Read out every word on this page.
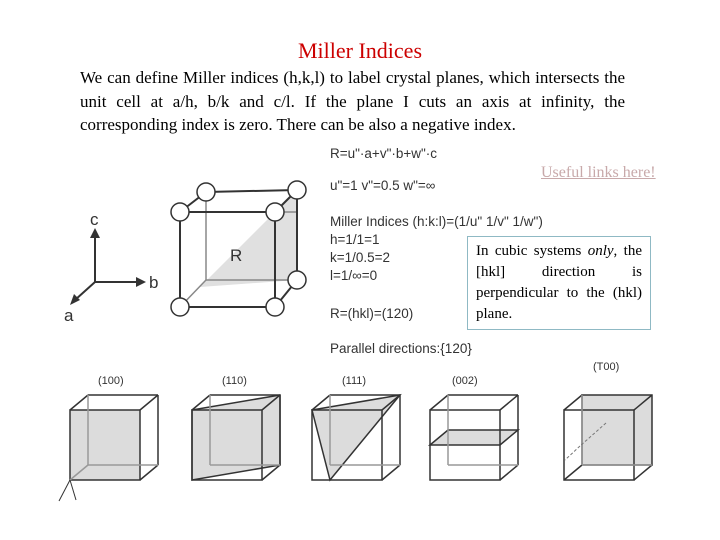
Miller Indices
We can define Miller indices (h,k,l) to label crystal planes, which intersects the unit cell at a/h, b/k and c/l. If the plane I cuts an axis at infinity, the corresponding index is zero. There can be also a negative index.
Useful links here!
In cubic systems only, the [hkl] direction is perpendicular to the (hkl) plane.
c
b
a
R
R=u"·a+v"·b+w"·c
u"=1 v"=0.5 w"=∞
Miller Indices (h:k:l)=(1/u" 1/v" 1/w")
h=1/1=1
k=1/0.5=2
l=1/∞=0
R=(hkl)=(120)
Parallel directions:{120}
(100)	(110)	(111)	(002)
(T00)
